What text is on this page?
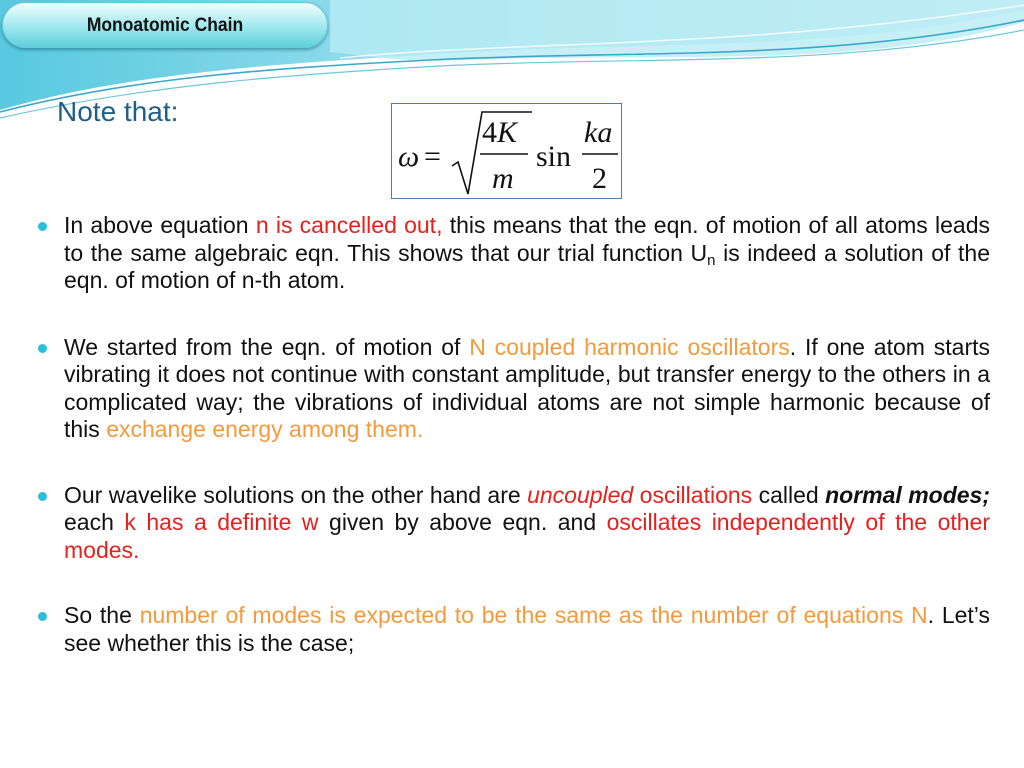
Monoatomic Chain
Note that:
ω =
4K
m
sin
ka
2
In above equation n is cancelled out, this means that the eqn. of motion of all atoms leads to the same algebraic eqn. This shows that our trial function $U_n$ is indeed a solution of the eqn. of motion of n-th atom.
We started from the eqn. of motion of N coupled harmonic oscillators. If one atom starts vibrating it does not continue with constant amplitude, but transfer energy to the others in a complicated way; the vibrations of individual atoms are not simple harmonic because of this exchange energy among them.
Our wavelike solutions on the other hand are uncoupled oscillations called normal modes; each k has a definite w given by above eqn. and oscillates independently of the other modes.
So the number of modes is expected to be the same as the number of equations N. Let’s see whether this is the case;
